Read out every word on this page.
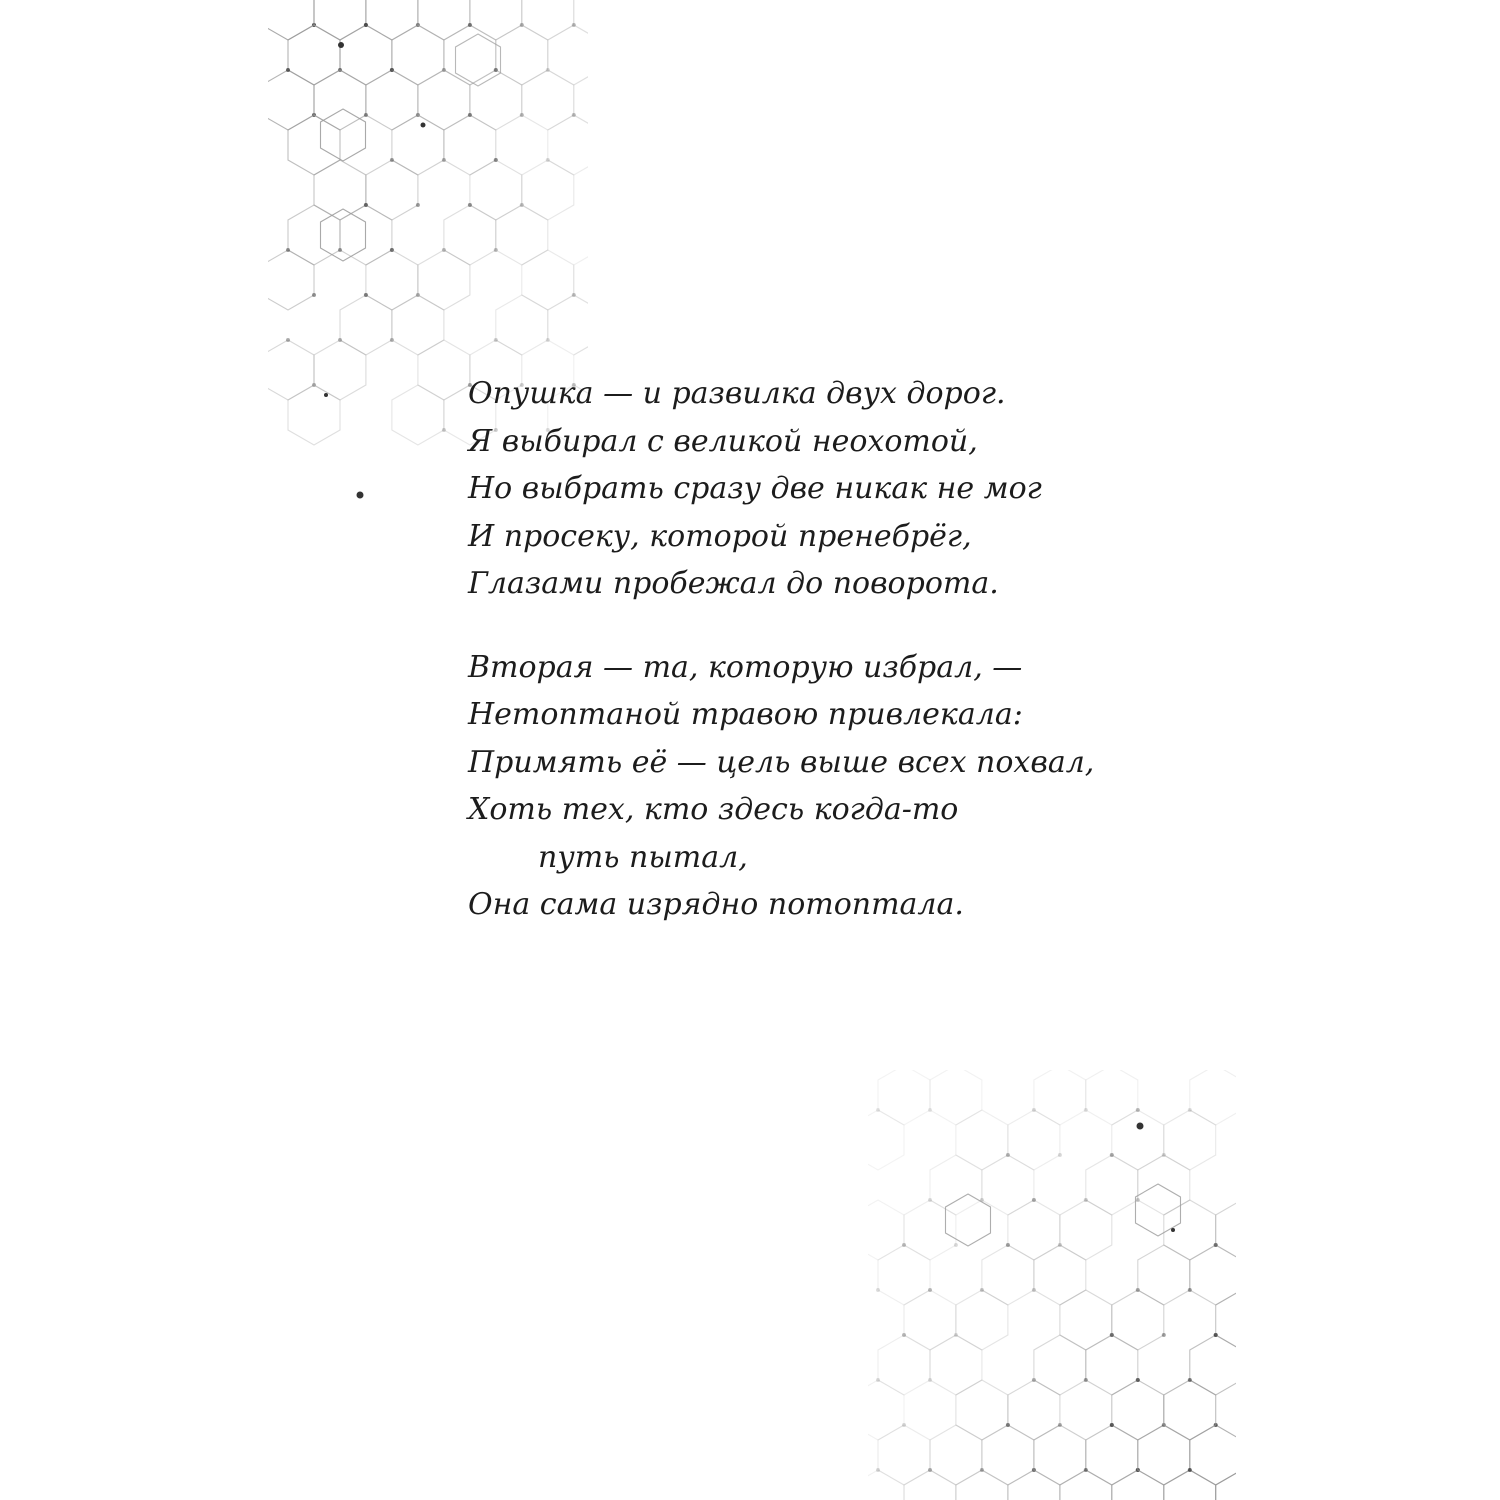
Опушка — и развилка двух дорог.
Я выбирал с великой неохотой,
Но выбрать сразу две никак не мог
И просеку, которой пренебрёг,
Глазами пробежал до поворота.
Вторая — та, которую избрал, —
Нетоптаной травою привлекала:
Примять её — цель выше всех похвал,
Хоть тех, кто здесь когда-то
путь пытал,
Она сама изрядно потоптала.
